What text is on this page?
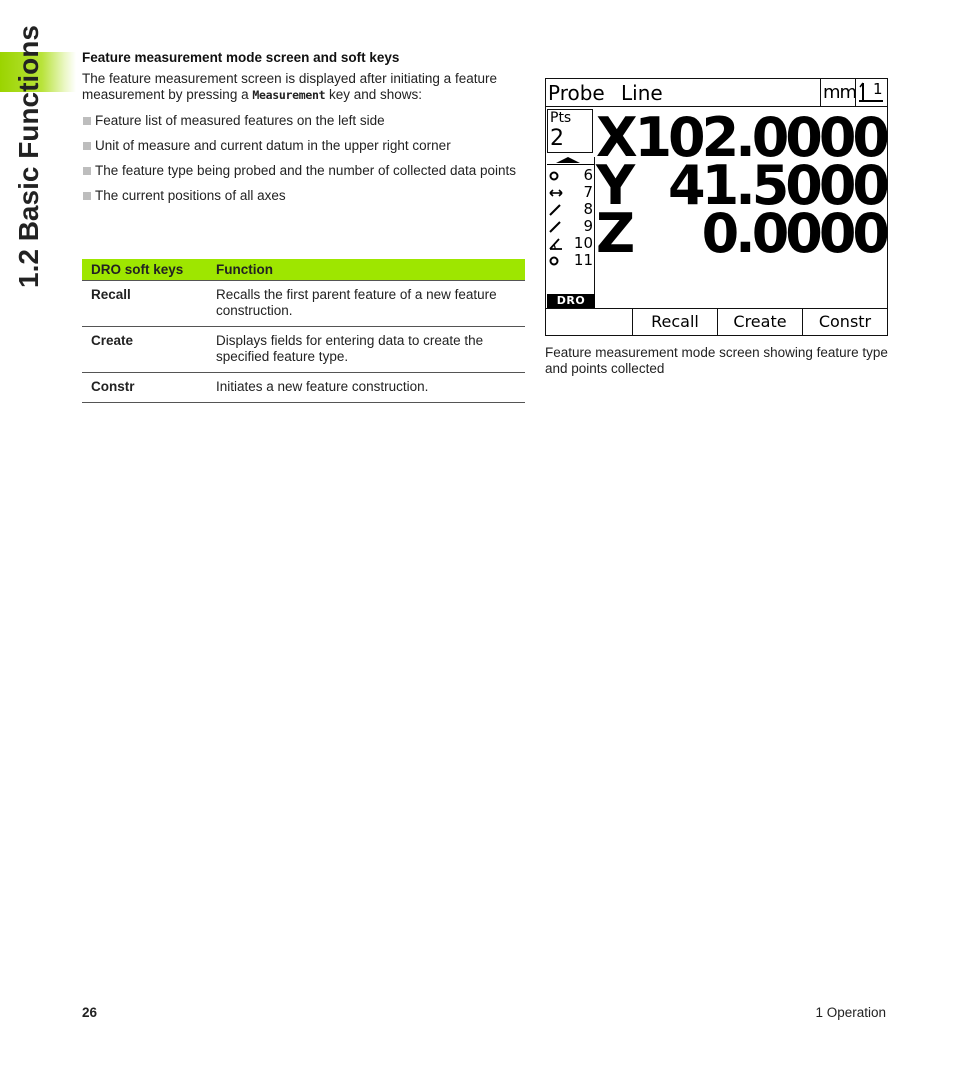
1.2 Basic Functions	Feature measurement mode screen and soft keys
The feature measurement screen is displayed after initiating a feature measurement by pressing a Measurement key and shows:
Feature list of measured features on the left side
Unit of measure and current datum in the upper right corner
The feature type being probed and the number of collected data points
The current positions of all axes
DRO soft keys	Function
Recall	Recalls the first parent feature of a new feature construction.
Create	Displays fields for entering data to create the specified feature type.
Constr	Initiates a new feature construction.
Probe Line	mm 1
Pts
2
6
7
8
9
10
11
DRO
X 102.0000
Y 41.5000
Z 0.0000
Recall	Create	Constr
Feature measurement mode screen showing feature type and points collected
26	1 Operation
